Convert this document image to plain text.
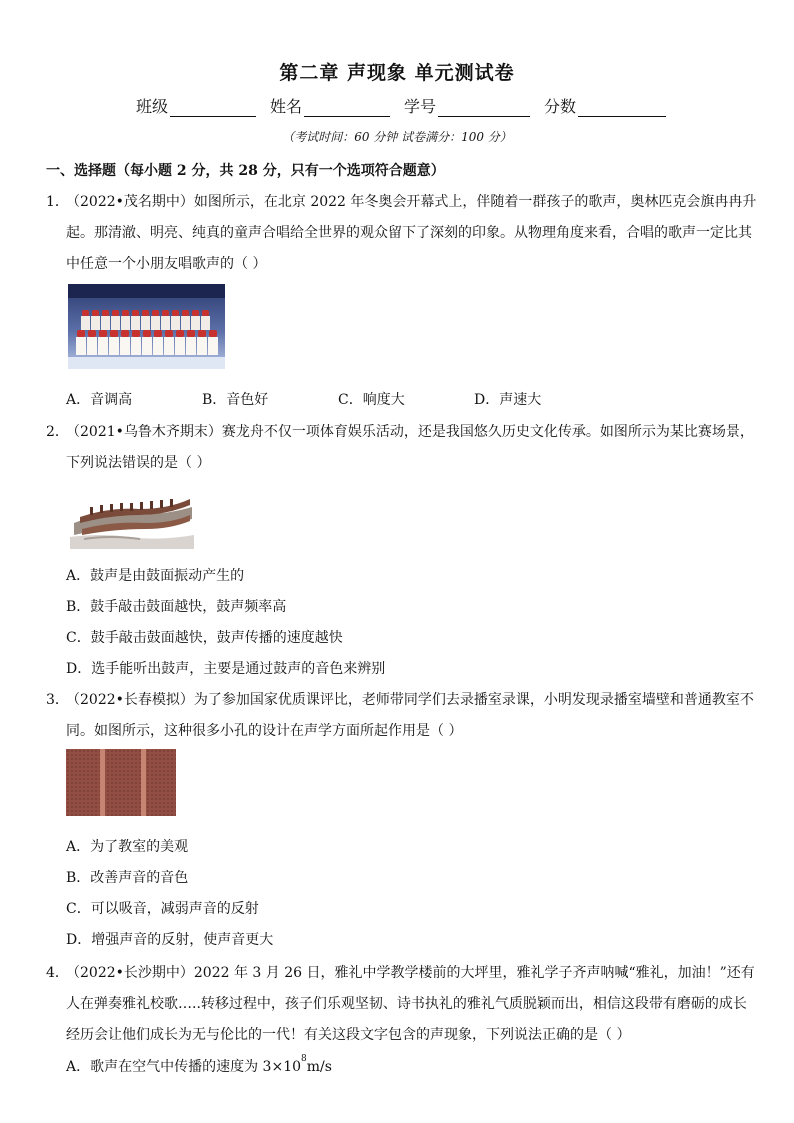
第二章 声现象 单元测试卷
班级	姓名	学号	分数
（考试时间：60 分钟 试卷满分：100 分）
一、选择题（每小题 2 分，共 28 分，只有一个选项符合题意）
1．（2022•茂名期中）如图所示，在北京 2022 年冬奥会开幕式上，伴随着一群孩子的歌声，奥林匹克会旗冉冉升
起。那清澈、明亮、纯真的童声合唱给全世界的观众留下了深刻的印象。从物理角度来看，合唱的歌声一定比其
中任意一个小朋友唱歌声的（ ）
A．音调高	B．音色好	C．响度大	D．声速大
2．（2021•乌鲁木齐期末）赛龙舟不仅一项体育娱乐活动，还是我国悠久历史文化传承。如图所示为某比赛场景，
下列说法错误的是（ ）
A．鼓声是由鼓面振动产生的
B．鼓手敲击鼓面越快，鼓声频率高
C．鼓手敲击鼓面越快，鼓声传播的速度越快
D．选手能听出鼓声，主要是通过鼓声的音色来辨别
3．（2022•长春模拟）为了参加国家优质课评比，老师带同学们去录播室录课，小明发现录播室墙壁和普通教室不
同。如图所示，这种很多小孔的设计在声学方面所起作用是（ ）
A．为了教室的美观
B．改善声音的音色
C．可以吸音，减弱声音的反射
D．增强声音的反射，使声音更大
4．（2022•长沙期中）2022 年 3 月 26 日，雅礼中学教学楼前的大坪里，雅礼学子齐声呐喊“雅礼，加油！”还有
人在弹奏雅礼校歌…..转移过程中，孩子们乐观坚韧、诗书执礼的雅礼气质脱颖而出，相信这段带有磨砺的成长
经历会让他们成长为无与伦比的一代！有关这段文字包含的声现象，下列说法正确的是（ ）
A．歌声在空气中传播的速度为 $3\times 10^8m/s$
